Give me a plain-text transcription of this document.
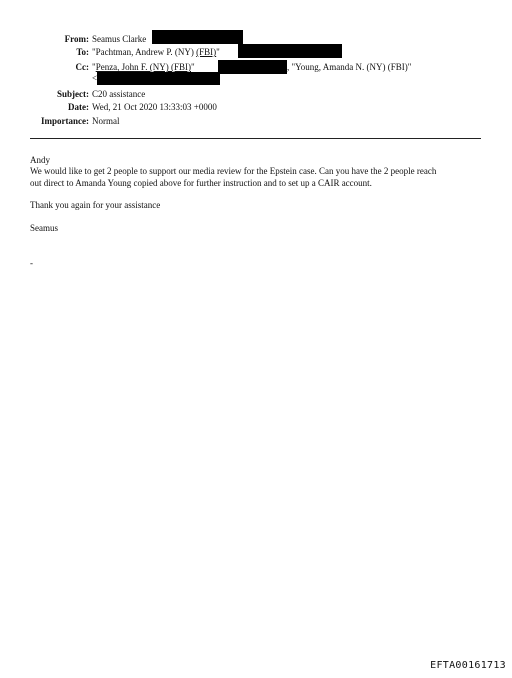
From: Seamus Clarke
To: "Pachtman, Andrew P. (NY) (FBI)"
Cc: "Penza, John F. (NY) (FBI)"	, "Young, Amanda N. (NY) (FBI)"
<
Subject: C20 assistance
Date: Wed, 21 Oct 2020 13:33:03 +0000
Importance: Normal
Andy
We would like to get 2 people to support our media review for the Epstein case. Can you have the 2 people reach
out direct to Amanda Young copied above for further instruction and to set up a CAIR account.
Thank you again for your assistance
Seamus
-
EFTA00161713
